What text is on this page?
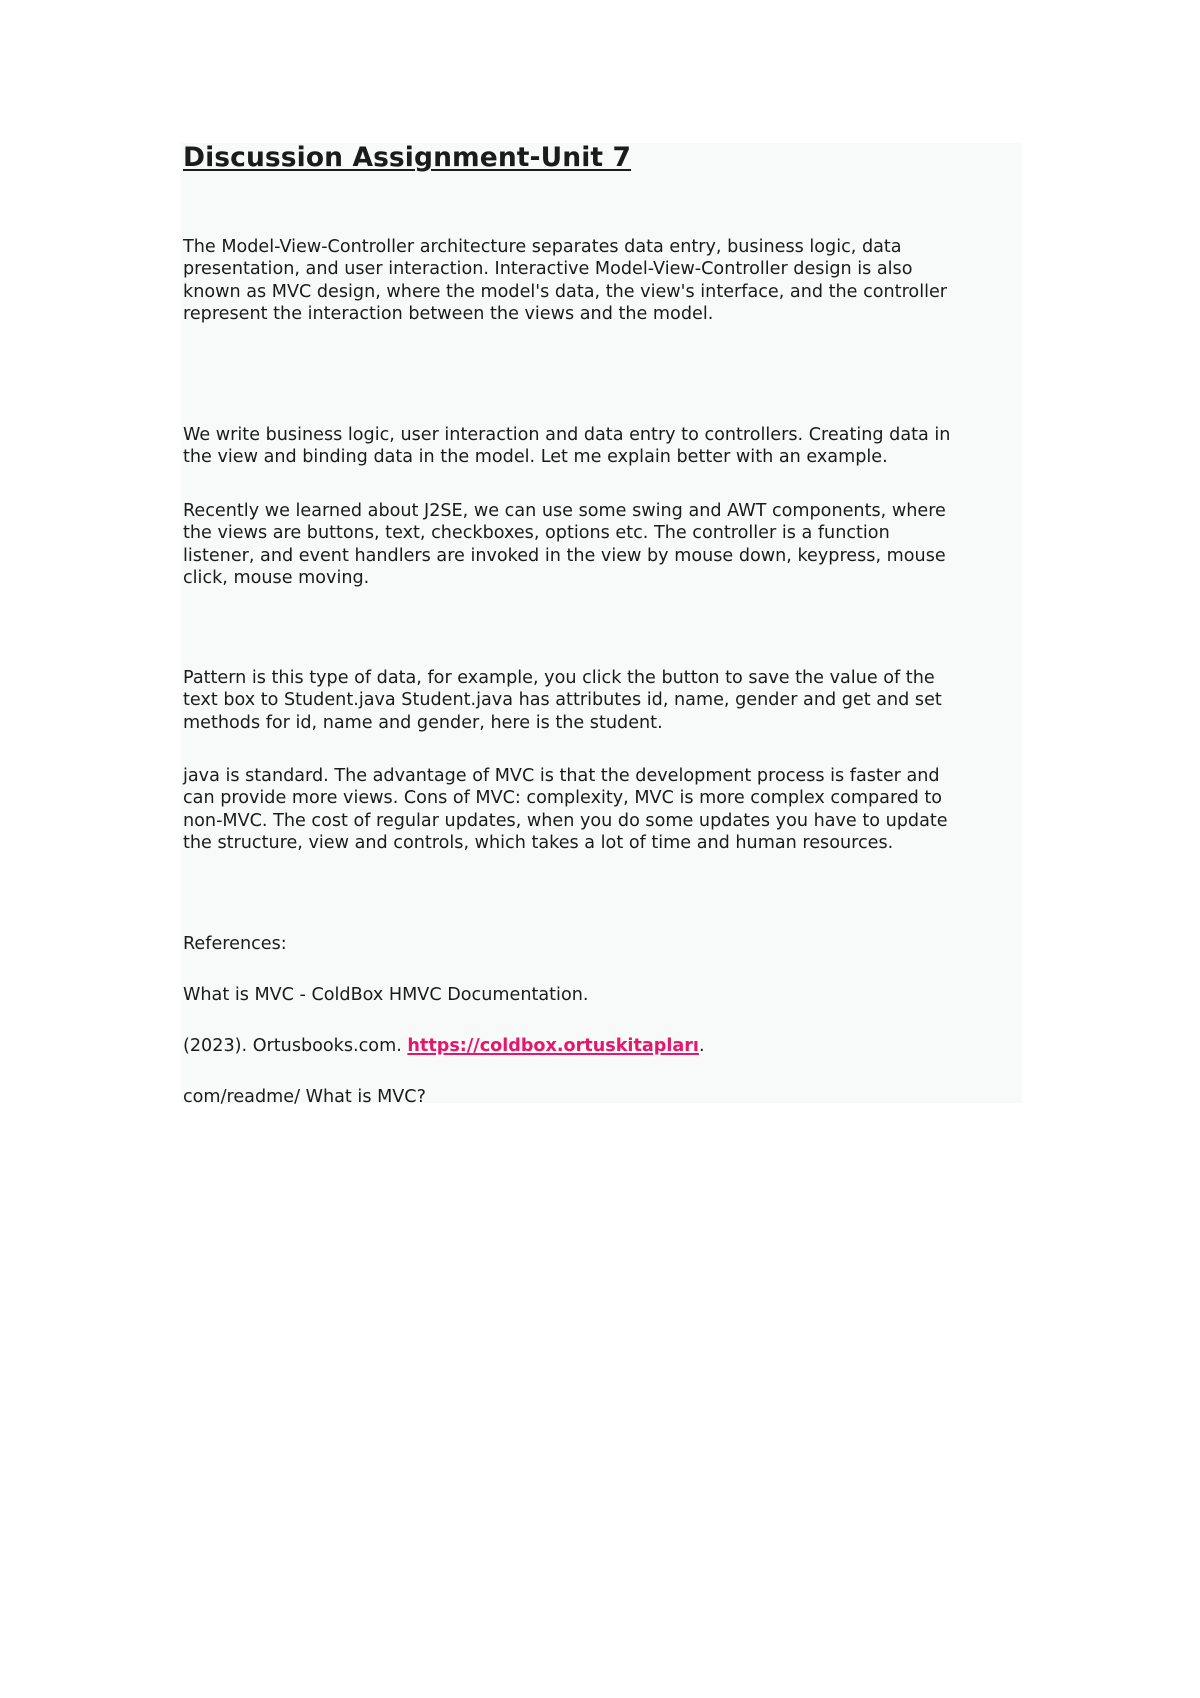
Discussion Assignment-Unit 7

The Model-View-Controller architecture separates data entry, business logic, data
presentation, and user interaction. Interactive Model-View-Controller design is also
known as MVC design, where the model's data, the view's interface, and the controller
represent the interaction between the views and the model.

We write business logic, user interaction and data entry to controllers. Creating data in
the view and binding data in the model. Let me explain better with an example.

Recently we learned about J2SE, we can use some swing and AWT components, where
the views are buttons, text, checkboxes, options etc. The controller is a function
listener, and event handlers are invoked in the view by mouse down, keypress, mouse
click, mouse moving.

Pattern is this type of data, for example, you click the button to save the value of the
text box to Student.java Student.java has attributes id, name, gender and get and set
methods for id, name and gender, here is the student.

java is standard. The advantage of MVC is that the development process is faster and
can provide more views. Cons of MVC: complexity, MVC is more complex compared to
non-MVC. The cost of regular updates, when you do some updates you have to update
the structure, view and controls, which takes a lot of time and human resources.

References:

What is MVC - ColdBox HMVC Documentation.

(2023). Ortusbooks.com. https://coldbox.ortuskitapları.

com/readme/ What is MVC?
